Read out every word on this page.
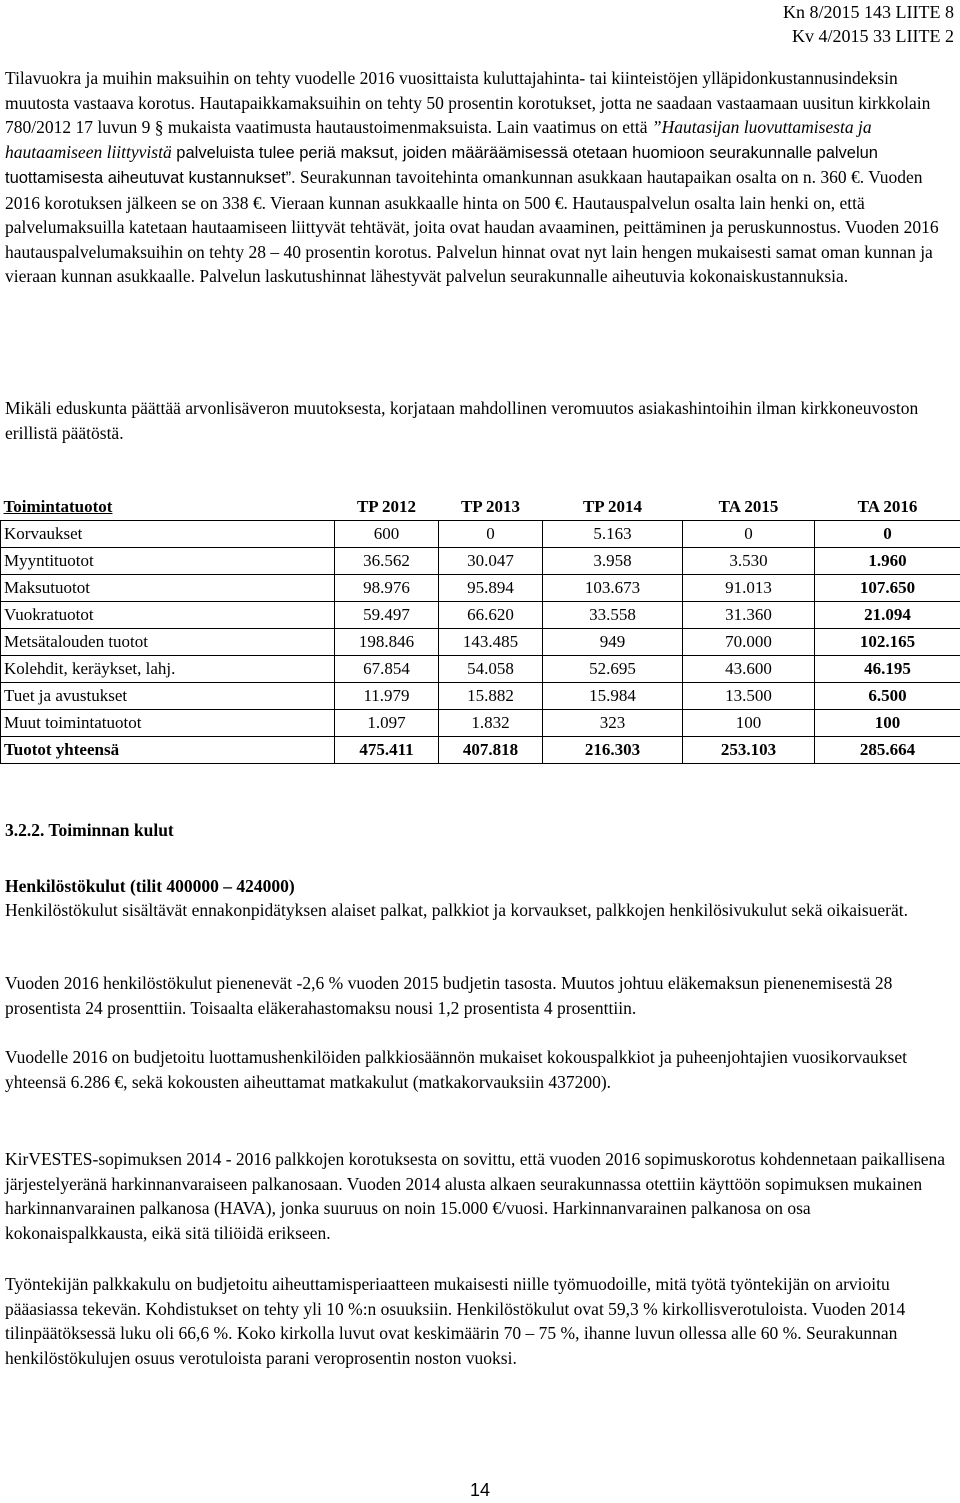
Kn 8/2015 143 LIITE 8
Kv 4/2015 33 LIITE 2

Tilavuokra ja muihin maksuihin on tehty vuodelle 2016 vuosittaista kuluttajahinta- tai kiinteistöjen ylläpidonkustannusindeksin muutosta vastaava korotus. Hautapaikkamaksuihin on tehty 50 prosentin korotukset, jotta ne saadaan vastaamaan uusitun kirkkolain 780/2012 17 luvun 9 § mukaista vaatimusta hautaustoimenmaksuista. Lain vaatimus on että ”Hautasijan luovuttamisesta ja hautaamiseen liittyvistä palveluista tulee periä maksut, joiden määräämisessä otetaan huomioon seurakunnalle palvelun tuottamisesta aiheutuvat kustannukset”. Seurakunnan tavoitehinta omankunnan asukkaan hautapaikan osalta on n. 360 €. Vuoden 2016 korotuksen jälkeen se on 338 €. Vieraan kunnan asukkaalle hinta on 500 €. Hautauspalvelun osalta lain henki on, että palvelumaksuilla katetaan hautaamiseen liittyvät tehtävät, joita ovat haudan avaaminen, peittäminen ja peruskunnostus. Vuoden 2016 hautauspalvelumaksuihin on tehty 28 – 40 prosentin korotus. Palvelun hinnat ovat nyt lain hengen mukaisesti samat oman kunnan ja vieraan kunnan asukkaalle. Palvelun laskutushinnat lähestyvät palvelun seurakunnalle aiheutuvia kokonaiskustannuksia.

Mikäli eduskunta päättää arvonlisäveron muutoksesta, korjataan mahdollinen veromuutos asiakashintoihin ilman kirkkoneuvoston erillistä päätöstä.

Toimintatuotot	TP 2012	TP 2013	TP 2014	TA 2015	TA 2016
Korvaukset	600	0	5.163	0	0
Myyntituotot	36.562	30.047	3.958	3.530	1.960
Maksutuotot	98.976	95.894	103.673	91.013	107.650
Vuokratuotot	59.497	66.620	33.558	31.360	21.094
Metsätalouden tuotot	198.846	143.485	949	70.000	102.165
Kolehdit, keräykset, lahj.	67.854	54.058	52.695	43.600	46.195
Tuet ja avustukset	11.979	15.882	15.984	13.500	6.500
Muut toimintatuotot	1.097	1.832	323	100	100
Tuotot yhteensä	475.411	407.818	216.303	253.103	285.664
3.2.2. Toiminnan kulut
Henkilöstökulut (tilit 400000 – 424000)

Henkilöstökulut sisältävät ennakonpidätyksen alaiset palkat, palkkiot ja korvaukset, palkkojen henkilösivukulut sekä oikaisuerät.

Vuoden 2016 henkilöstökulut pienenevät -2,6 % vuoden 2015 budjetin tasosta. Muutos johtuu eläkemaksun pienenemisestä 28 prosentista 24 prosenttiin. Toisaalta eläkerahastomaksu nousi 1,2 prosentista 4 prosenttiin.

Vuodelle 2016 on budjetoitu luottamushenkilöiden palkkiosäännön mukaiset kokouspalkkiot ja puheenjohtajien vuosikorvaukset yhteensä 6.286 €, sekä kokousten aiheuttamat matkakulut (matkakorvauksiin 437200).

KirVESTES-sopimuksen 2014 - 2016 palkkojen korotuksesta on sovittu, että vuoden 2016 sopimuskorotus kohdennetaan paikallisena järjestelyeränä harkinnanvaraiseen palkanosaan. Vuoden 2014 alusta alkaen seurakunnassa otettiin käyttöön sopimuksen mukainen harkinnanvarainen palkanosa (HAVA), jonka suuruus on noin 15.000 €/vuosi. Harkinnanvarainen palkanosa on osa kokonaispalkkausta, eikä sitä tiliöidä erikseen.

Työntekijän palkkakulu on budjetoitu aiheuttamisperiaatteen mukaisesti niille työmuodoille, mitä työtä työntekijän on arvioitu pääasiassa tekevän. Kohdistukset on tehty yli 10 %:n osuuksiin. Henkilöstökulut ovat 59,3 % kirkollisverotuloista. Vuoden 2014 tilinpäätöksessä luku oli 66,6 %. Koko kirkolla luvut ovat keskimäärin 70 – 75 %, ihanne luvun ollessa alle 60 %. Seurakunnan henkilöstökulujen osuus verotuloista parani veroprosentin noston vuoksi.

14
